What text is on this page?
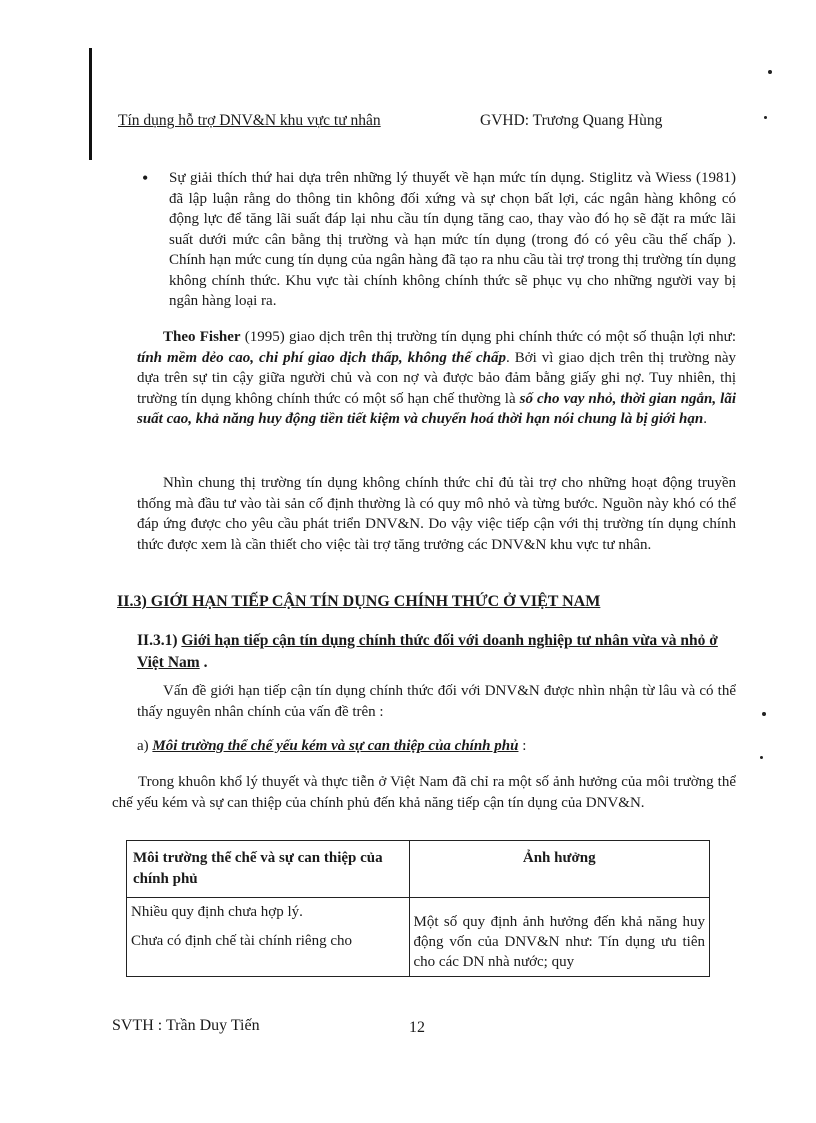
Tín dụng hỗ trợ DNV&N khu vực tư nhân	GVHD: Trương Quang Hùng
• Sự giải thích thứ hai dựa trên những lý thuyết về hạn mức tín dụng. Stiglitz và Wiess (1981) đã lập luận rằng do thông tin không đối xứng và sự chọn bất lợi, các ngân hàng không có động lực để tăng lãi suất đáp lại nhu cầu tín dụng tăng cao, thay vào đó họ sẽ đặt ra mức lãi suất dưới mức cân bằng thị trường và hạn mức tín dụng (trong đó có yêu cầu thế chấp ). Chính hạn mức cung tín dụng của ngân hàng đã tạo ra nhu cầu tài trợ trong thị trường tín dụng không chính thức. Khu vực tài chính không chính thức sẽ phục vụ cho những người vay bị ngân hàng loại ra.
Theo Fisher (1995) giao dịch trên thị trường tín dụng phi chính thức có một số thuận lợi như: tính mềm dẻo cao, chi phí giao dịch thấp, không thế chấp. Bởi vì giao dịch trên thị trường này dựa trên sự tin cậy giữa người chủ và con nợ và được bảo đảm bằng giấy ghi nợ. Tuy nhiên, thị trường tín dụng không chính thức có một số hạn chế thường là số cho vay nhỏ, thời gian ngắn, lãi suất cao, khả năng huy động tiền tiết kiệm và chuyển hoá thời hạn nói chung là bị giới hạn.
Nhìn chung thị trường tín dụng không chính thức chỉ đủ tài trợ cho những hoạt động truyền thống mà đầu tư vào tài sản cố định thường là có quy mô nhỏ và từng bước. Nguồn này khó có thể đáp ứng được cho yêu cầu phát triển DNV&N. Do vậy việc tiếp cận với thị trường tín dụng chính thức được xem là cần thiết cho việc tài trợ tăng trưởng các DNV&N khu vực tư nhân.
II.3) GIỚI HẠN TIẾP CẬN TÍN DỤNG CHÍNH THỨC Ở VIỆT NAM
II.3.1) Giới hạn tiếp cận tín dụng chính thức đối với doanh nghiệp tư nhân vừa và nhỏ ở Việt Nam .
Vấn đề giới hạn tiếp cận tín dụng chính thức đối với DNV&N được nhìn nhận từ lâu và có thể thấy nguyên nhân chính của vấn đề trên :
a) Môi trường thể chế yếu kém và sự can thiệp của chính phủ :
Trong khuôn khổ lý thuyết và thực tiễn ở Việt Nam đã chỉ ra một số ảnh hưởng của môi trường thể chế yếu kém và sự can thiệp của chính phủ đến khả năng tiếp cận tín dụng của DNV&N.
Môi trường thể chế và sự can thiệp của chính phủ	Ảnh hưởng

Nhiều quy định chưa hợp lý.

Chưa có định chế tài chính riêng cho	Một số quy định ảnh hưởng đến khả năng huy động vốn của DNV&N như: Tín dụng ưu tiên cho các DN nhà nước; quy
SVTH : Trần Duy Tiến	12
